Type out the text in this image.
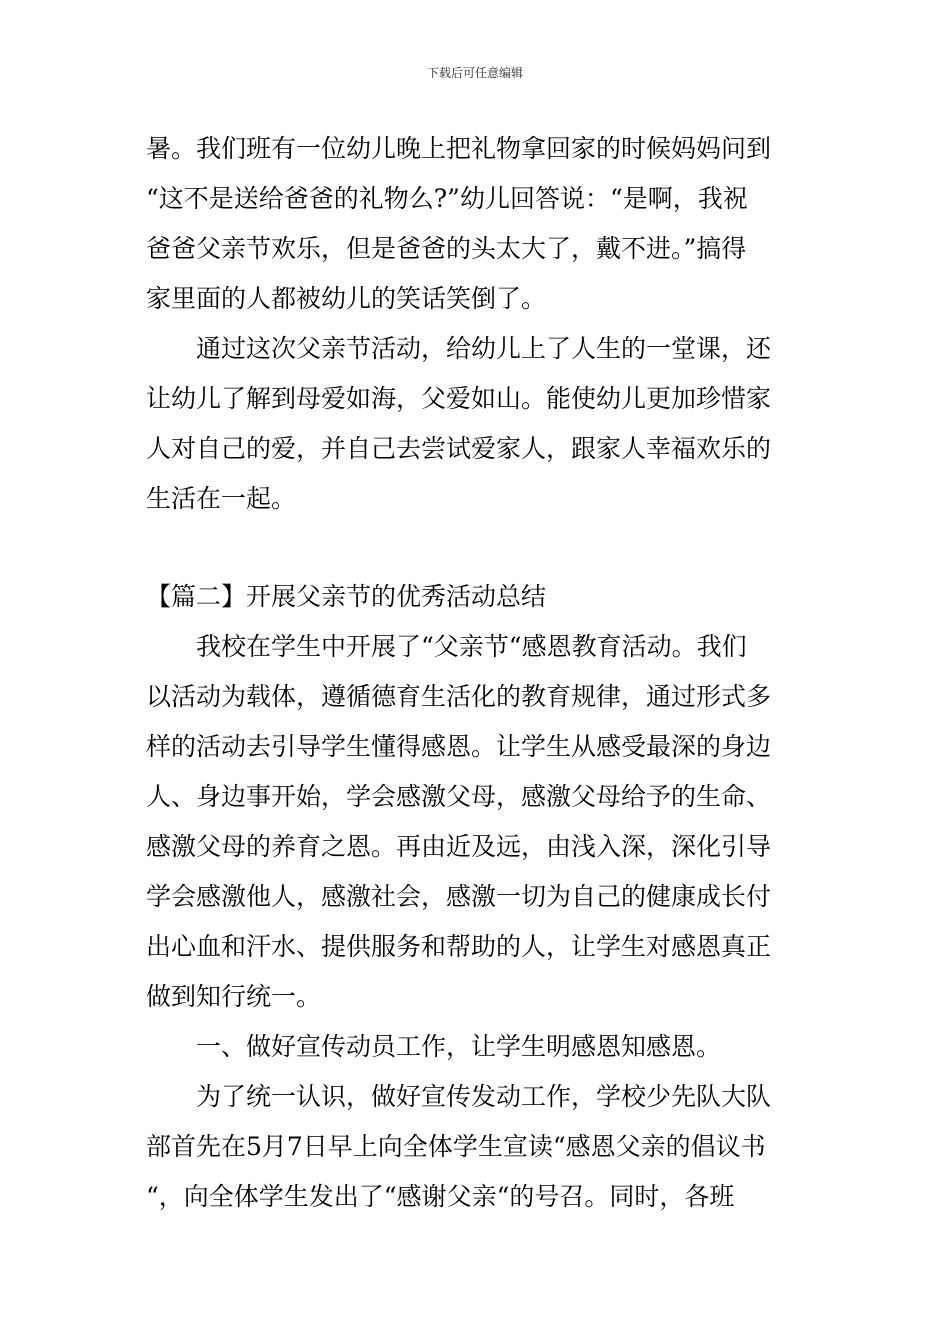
下载后可任意编辑
暑。我们班有一位幼儿晚上把礼物拿回家的时候妈妈问到
“这不是送给爸爸的礼物么?”幼儿回答说：“是啊，我祝
爸爸父亲节欢乐，但是爸爸的头太大了，戴不进。”搞得
家里面的人都被幼儿的笑话笑倒了。
通过这次父亲节活动，给幼儿上了人生的一堂课，还
让幼儿了解到母爱如海，父爱如山。能使幼儿更加珍惜家
人对自己的爱，并自己去尝试爱家人，跟家人幸福欢乐的
生活在一起。
【篇二】开展父亲节的优秀活动总结
我校在学生中开展了“父亲节“感恩教育活动。我们
以活动为载体，遵循德育生活化的教育规律，通过形式多
样的活动去引导学生懂得感恩。让学生从感受最深的身边
人、身边事开始，学会感激父母，感激父母给予的生命、
感激父母的养育之恩。再由近及远，由浅入深，深化引导
学会感激他人，感激社会，感激一切为自己的健康成长付
出心血和汗水、提供服务和帮助的人，让学生对感恩真正
做到知行统一。
一、做好宣传动员工作，让学生明感恩知感恩。
为了统一认识，做好宣传发动工作，学校少先队大队
部首先在5月7日早上向全体学生宣读“感恩父亲的倡议书
“，向全体学生发出了“感谢父亲“的号召。同时，各班
